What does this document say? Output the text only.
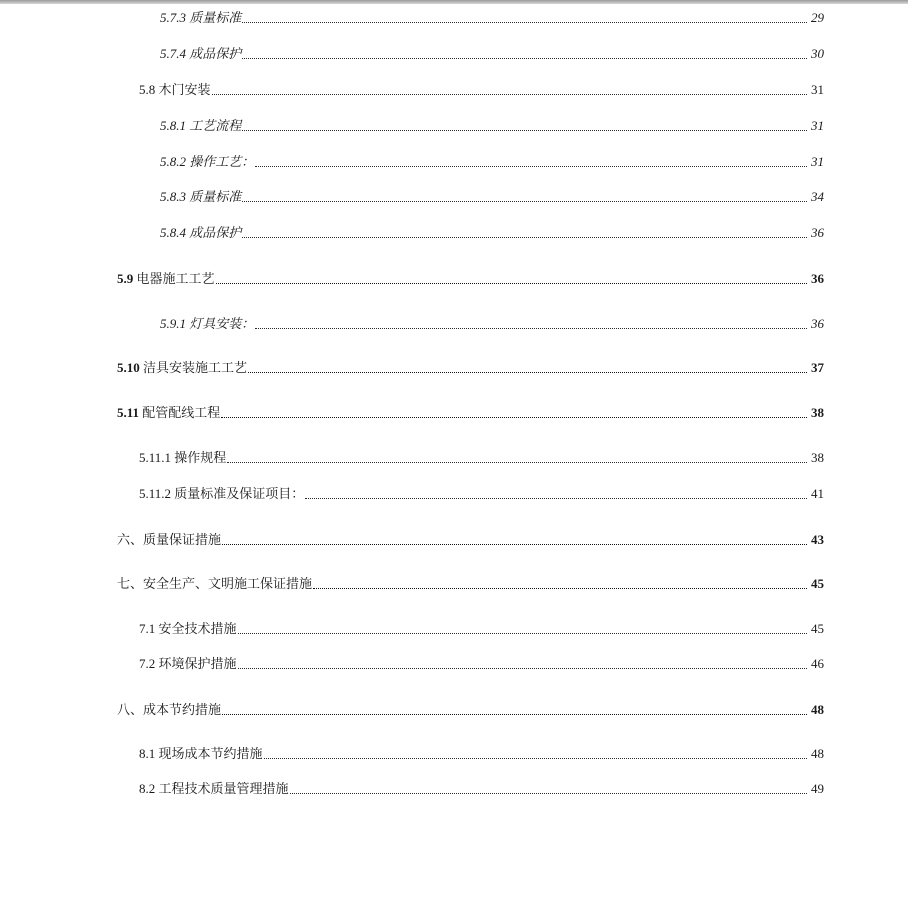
5.7.3 质量标准	29
5.7.4 成品保护	30
5.8 木门安装	31
5.8.1 工艺流程	31
5.8.2 操作工艺：	31
5.8.3 质量标准	34
5.8.4 成品保护	36
5.9 电器施工工艺	36
5.9.1 灯具安装：	36
5.10 洁具安装施工工艺	37
5.11 配管配线工程	38
5.11.1 操作规程	38
5.11.2 质量标准及保证项目：	41
六、质量保证措施	43
七、安全生产、文明施工保证措施	45
7.1 安全技术措施	45
7.2 环境保护措施	46
八、成本节约措施	48
8.1 现场成本节约措施	48
8.2 工程技术质量管理措施	49
